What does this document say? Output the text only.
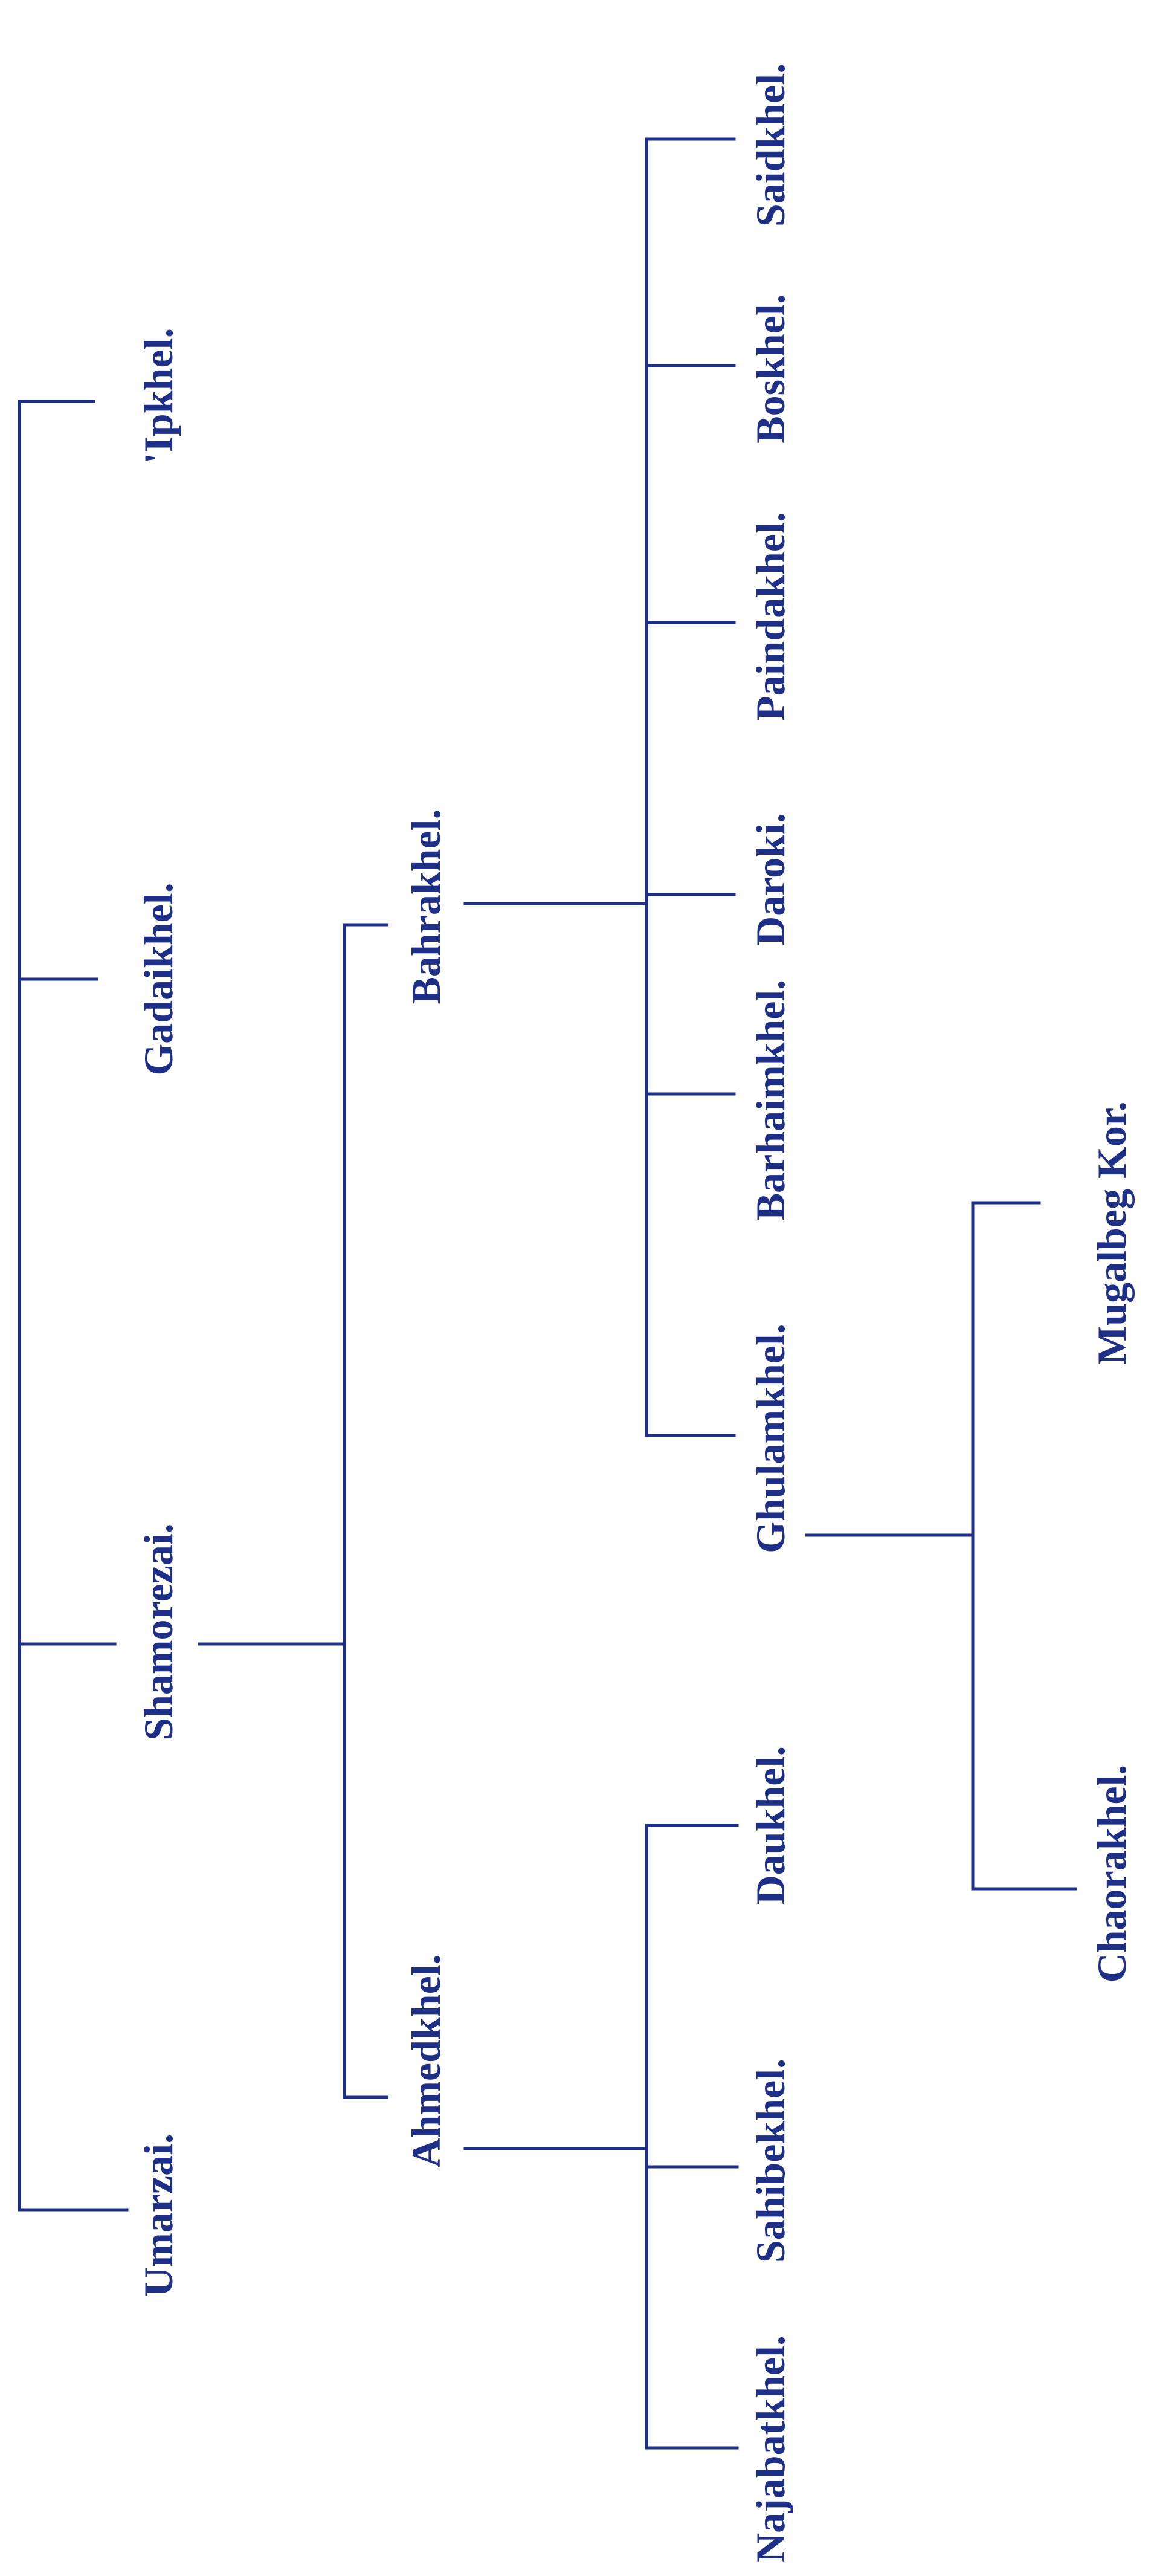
Umarzai.
Shamorezai.
Gadaikhel.
'Ipkhel.
Ahmedkhel.
Bahrakhel.
Najabatkhel.
Sahibekhel.
Daukhel.
Ghulamkhel.
Barhaimkhel.
Daroki.
Paindakhel.
Boskhel.
Saidkhel.
Chaorakhel.
Mugalbeg Kor.
